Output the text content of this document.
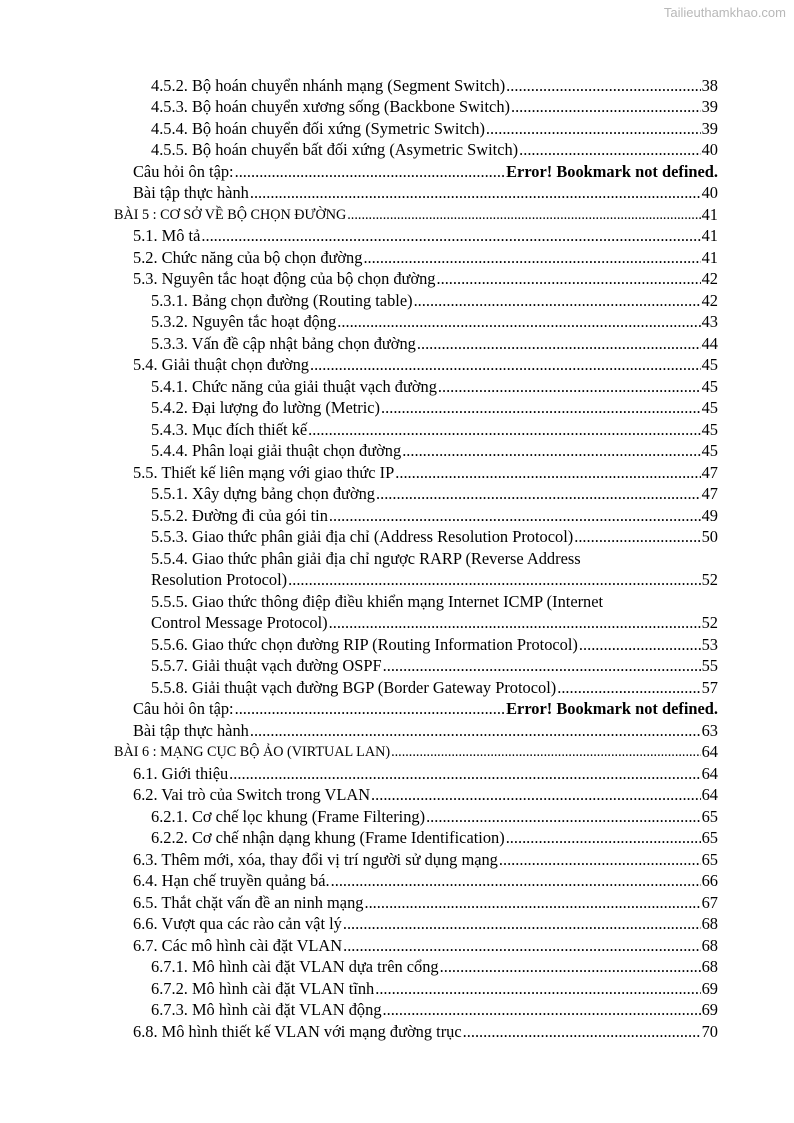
Tailieuthamkhao.com
4.5.2. Bộ hoán chuyển nhánh mạng (Segment Switch) .....	38
4.5.3. Bộ hoán chuyển xương sống (Backbone Switch) .....	39
4.5.4. Bộ hoán chuyển đối xứng (Symetric Switch) .....	39
4.5.5. Bộ hoán chuyển bất đối xứng (Asymetric Switch) .....	40
Câu hỏi ôn tập: .....	Error! Bookmark not defined.
Bài tập thực hành .....	40
BÀI 5 : CƠ SỞ VỀ BỘ CHỌN ĐƯỜNG .....	41
5.1. Mô tả .....	41
5.2. Chức năng của bộ chọn đường .....	41
5.3. Nguyên tắc hoạt động của bộ chọn đường .....	42
5.3.1. Bảng chọn đường (Routing table) .....	42
5.3.2. Nguyên tắc hoạt động .....	43
5.3.3. Vấn đề cập nhật bảng chọn đường .....	44
5.4. Giải thuật chọn đường .....	45
5.4.1. Chức năng của giải thuật vạch đường .....	45
5.4.2. Đại lượng đo lường (Metric) .....	45
5.4.3. Mục đích thiết kế .....	45
5.4.4. Phân loại giải thuật chọn đường .....	45
5.5. Thiết kế liên mạng với giao thức IP .....	47
5.5.1. Xây dựng bảng chọn đường .....	47
5.5.2. Đường đi của gói tin .....	49
5.5.3. Giao thức phân giải địa chỉ (Address Resolution Protocol) .....	50
5.5.4. Giao thức phân giải địa chỉ ngược RARP (Reverse Address
Resolution Protocol) .....	52
5.5.5. Giao thức thông điệp điều khiển mạng Internet ICMP (Internet
Control Message Protocol) .....	52
5.5.6. Giao thức chọn đường RIP (Routing Information Protocol) .....	53
5.5.7. Giải thuật vạch đường OSPF .....	55
5.5.8. Giải thuật vạch đường BGP (Border Gateway Protocol) .....	57
Câu hỏi ôn tập: .....	Error! Bookmark not defined.
Bài tập thực hành .....	63
BÀI 6 : MẠNG CỤC BỘ ẢO (VIRTUAL LAN) .....	64
6.1. Giới thiệu .....	64
6.2. Vai trò của Switch trong VLAN .....	64
6.2.1. Cơ chế lọc khung (Frame Filtering) .....	65
6.2.2. Cơ chế nhận dạng khung (Frame Identification) .....	65
6.3. Thêm mới, xóa, thay đổi vị trí người sử dụng mạng .....	65
6.4. Hạn chế truyền quảng bá. .....	66
6.5. Thắt chặt vấn đề an ninh mạng .....	67
6.6. Vượt qua các rào cản vật lý .....	68
6.7. Các mô hình cài đặt VLAN .....	68
6.7.1. Mô hình cài đặt VLAN dựa trên cổng .....	68
6.7.2. Mô hình cài đặt VLAN tĩnh .....	69
6.7.3. Mô hình cài đặt VLAN động .....	69
6.8. Mô hình thiết kế VLAN với mạng đường trục .....	70
